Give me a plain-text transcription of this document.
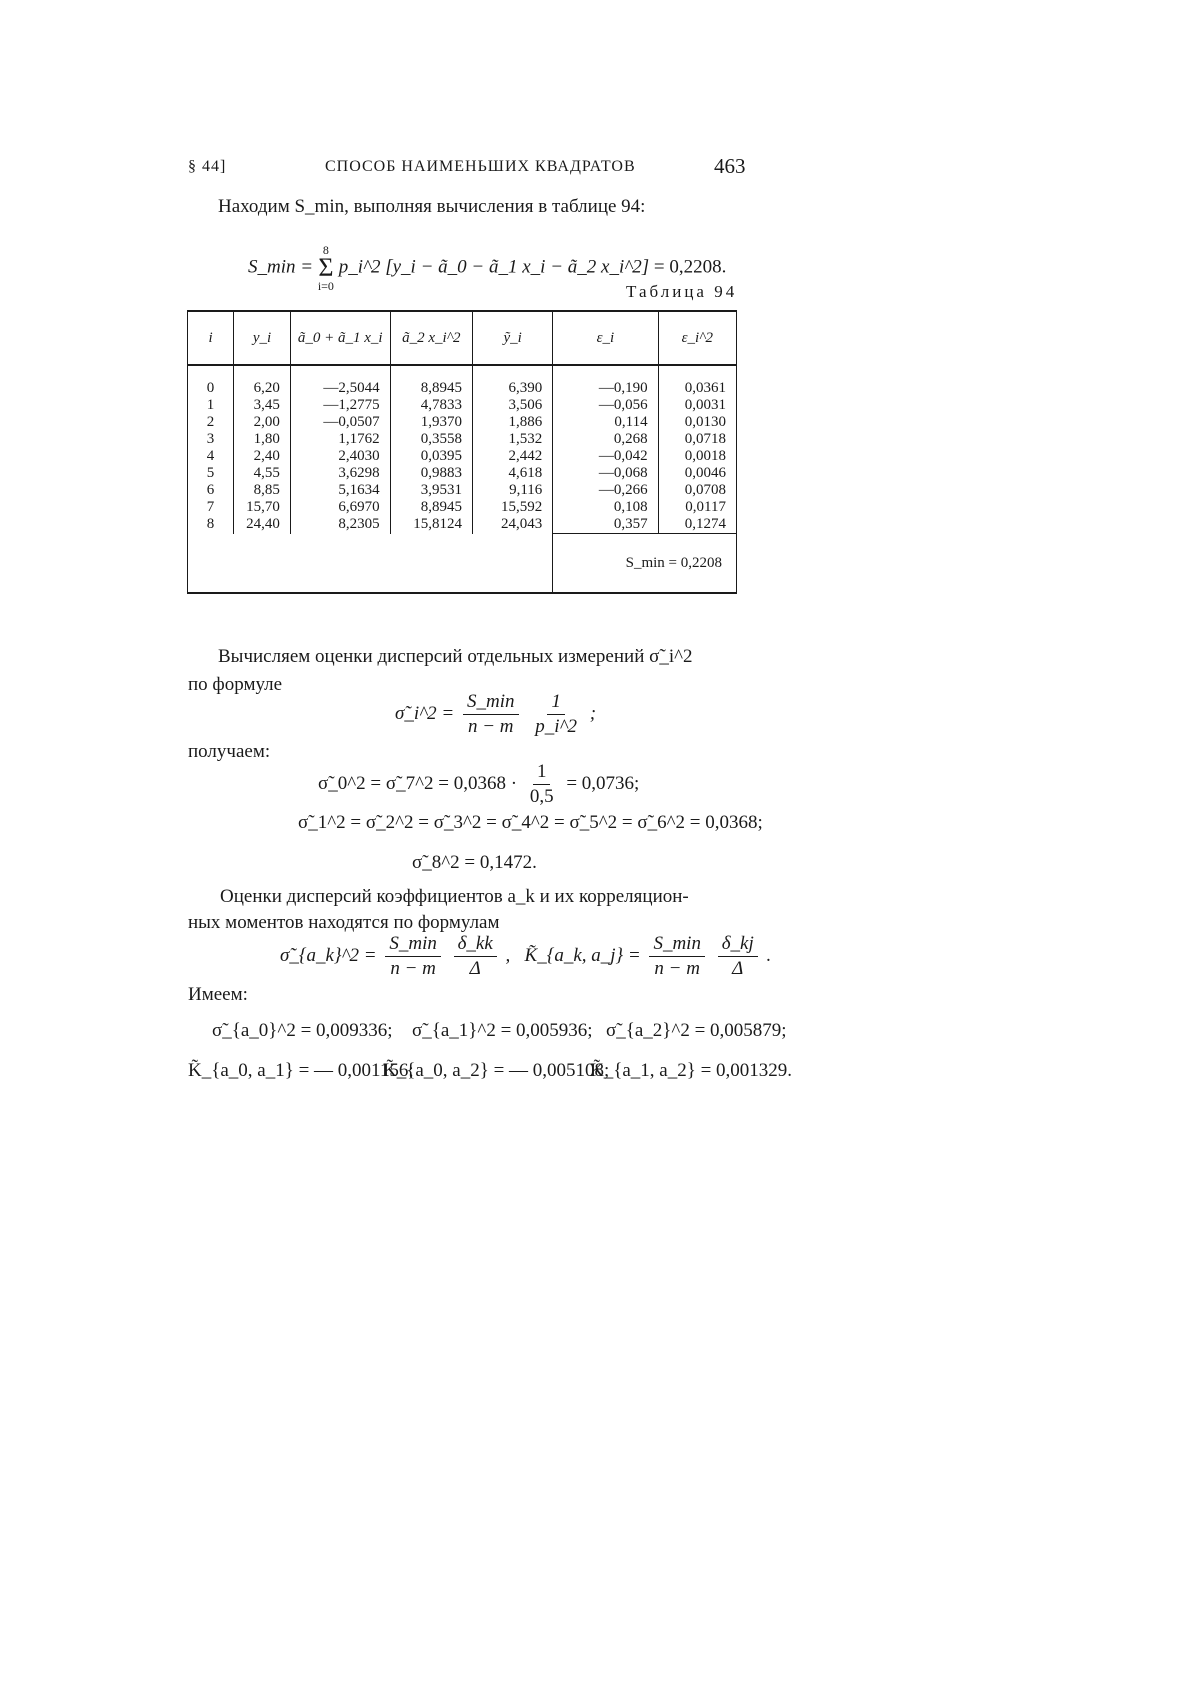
§ 44]	СПОСОБ НАИМЕНЬШИХ КВАДРАТОВ	463
Находим S_min, выполняя вычисления в таблице 94:
S_min =
8
Σ
i=0
p_i^2 [y_i − ã_0 − ã_1 x_i − ã_2 x_i^2] = 0,2208.
Таблица 94
i	y_i	ã_0 + ã_1 x_i	ã_2 x_i^2	ỹ_i	ε_i	ε_i^2
0	6,20	—2,5044	8,8945	6,390	—0,190	0,0361
1	3,45	—1,2775	4,7833	3,506	—0,056	0,0031
2	2,00	—0,0507	1,9370	1,886	0,114	0,0130
3	1,80	1,1762	0,3558	1,532	0,268	0,0718
4	2,40	2,4030	0,0395	2,442	—0,042	0,0018
5	4,55	3,6298	0,9883	4,618	—0,068	0,0046
6	8,85	5,1634	3,9531	9,116	—0,266	0,0708
7	15,70	6,6970	8,8945	15,592	0,108	0,0117
8	24,40	8,2305	15,8124	24,043	0,357	0,1274
					S_min = 0,2208	
Вычисляем оценки дисперсий отдельных измерений σ̃_i^2
по формуле
σ̃_i^2 = $\frac{S\_\min}{n - m}$
$\frac{1}{p\_i\^{}2}$ ;
получаем:
σ̃_0^2 = σ̃_7^2 = $0,0368 \cdot \frac{1}{0,5} = 0,0736$;
σ̃_1^2 = σ̃_2^2 = σ̃_3^2 = σ̃_4^2 = σ̃_5^2 = σ̃_6^2 = 0,0368;
σ̃_8^2 = 0,1472.
Оценки дисперсий коэффициентов a_k и их корреляцион-
ных моментов находятся по формулам
σ̃_{a_k}^2 = $\frac{S\_\min}{n - m}$
$\frac{\delta\_kk}{\Delta}$ , K̃_{a_k, a_j} = $\frac{S\_\min}{n - m}$
$\frac{\delta\_kj}{\Delta}$ .
Имеем:
σ̃_{a_0}^2 = 0,009336; σ̃_{a_1}^2 = 0,005936; σ̃_{a_2}^2 = 0,005879;
K̃_{a_0, a_1} = — 0,001156;
K̃_{a_0, a_2} = — 0,005108;
K̃_{a_1, a_2} = 0,001329.
